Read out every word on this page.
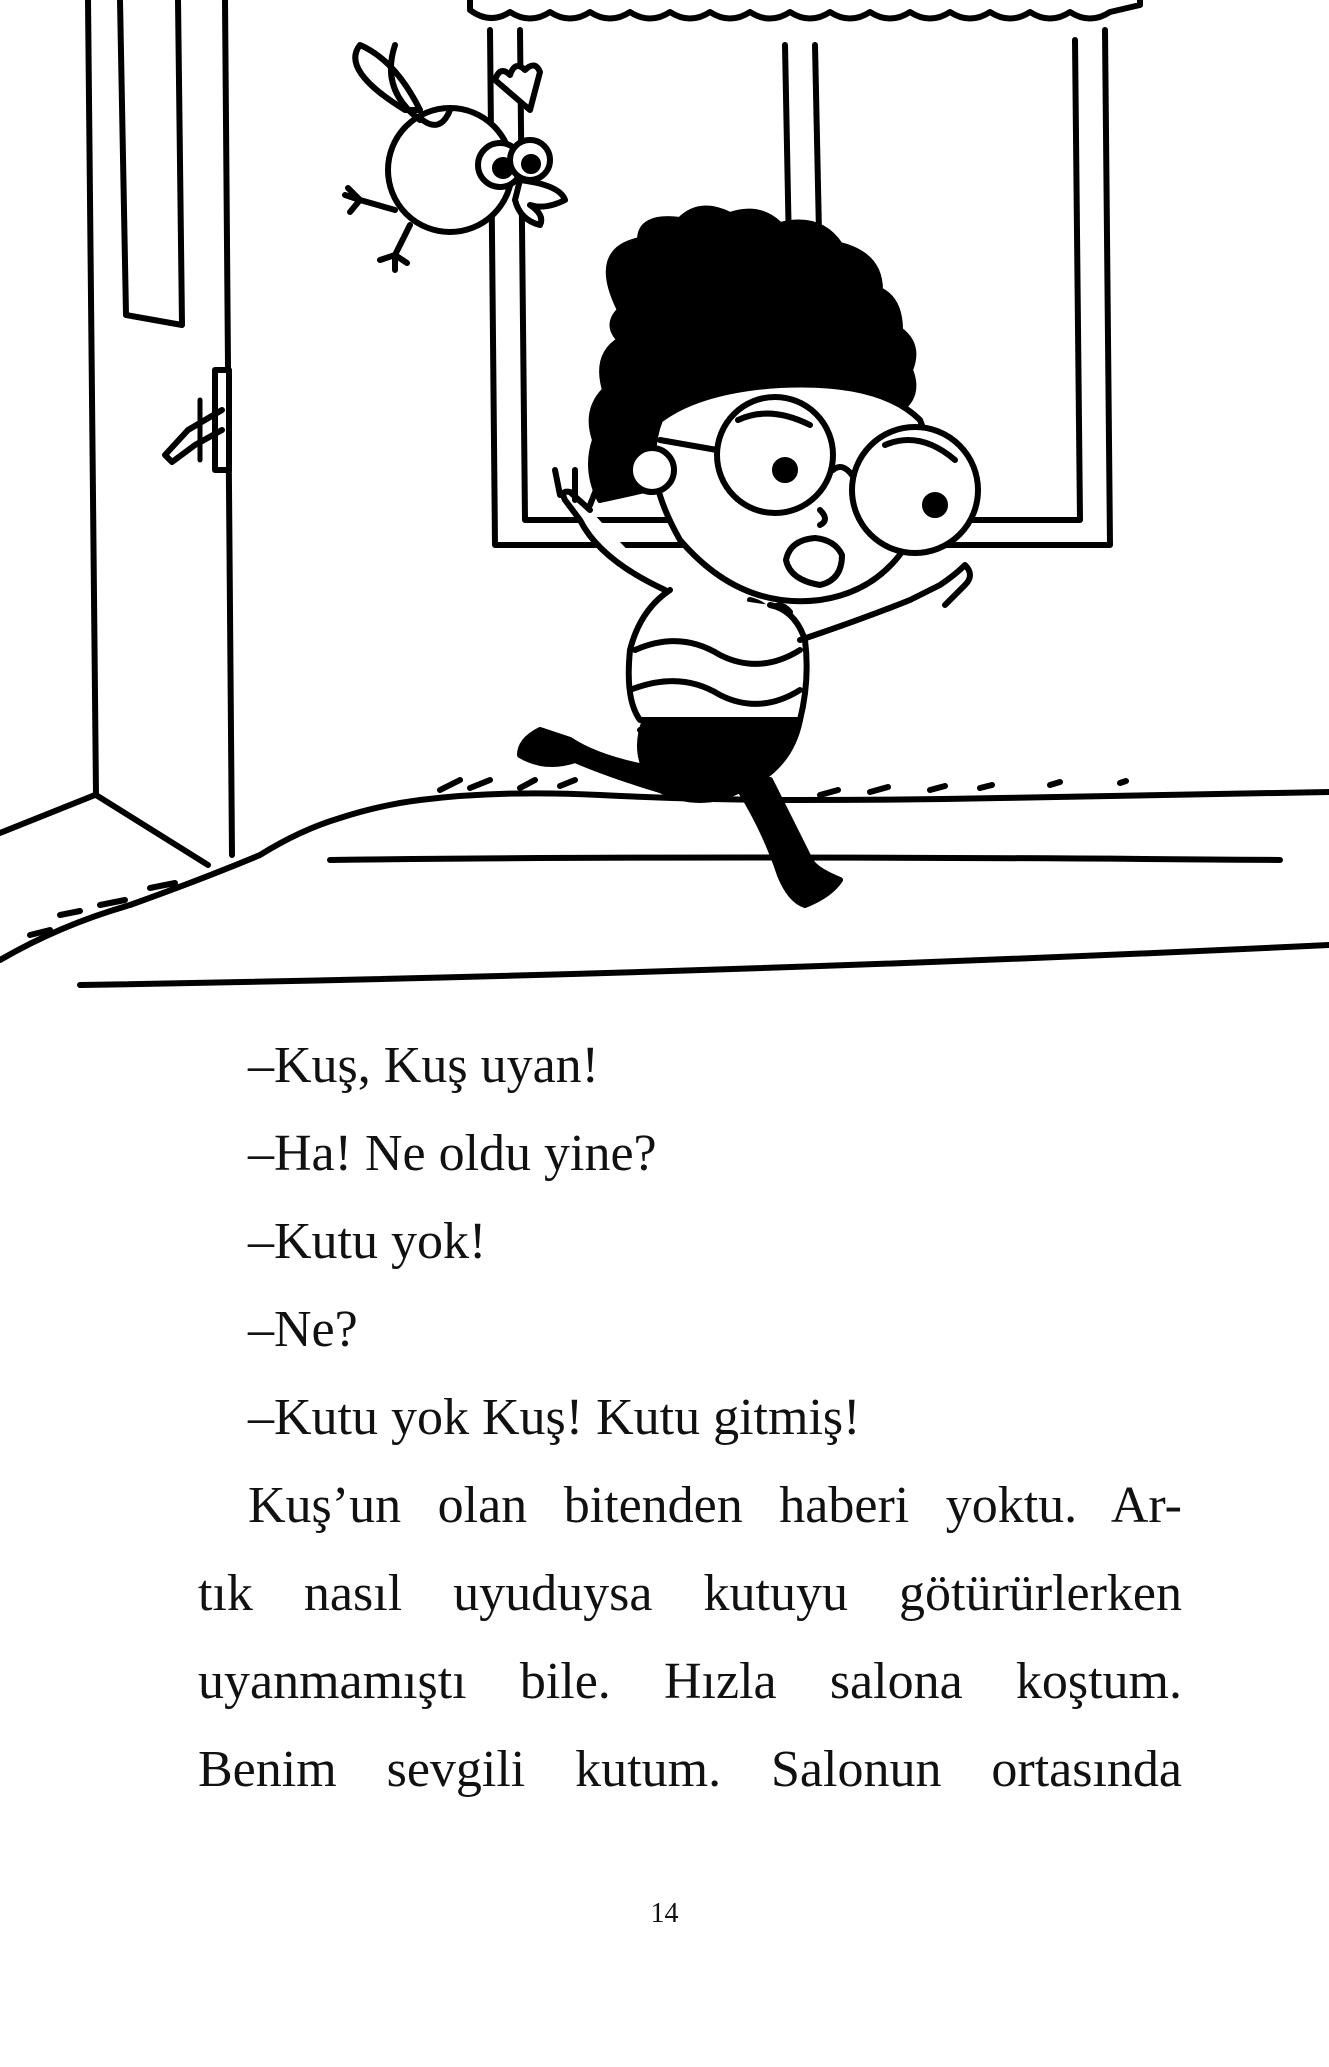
–Kuş, Kuş uyan!
–Ha! Ne oldu yine?
–Kutu yok!
–Ne?
–Kutu yok Kuş! Kutu gitmiş!
Kuş’un olan bitenden haberi yoktu. Ar-
tık nasıl uyuduysa kutuyu götürürlerken
uyanmamıştı bile. Hızla salona koştum.
Benim sevgili kutum. Salonun ortasında
14
